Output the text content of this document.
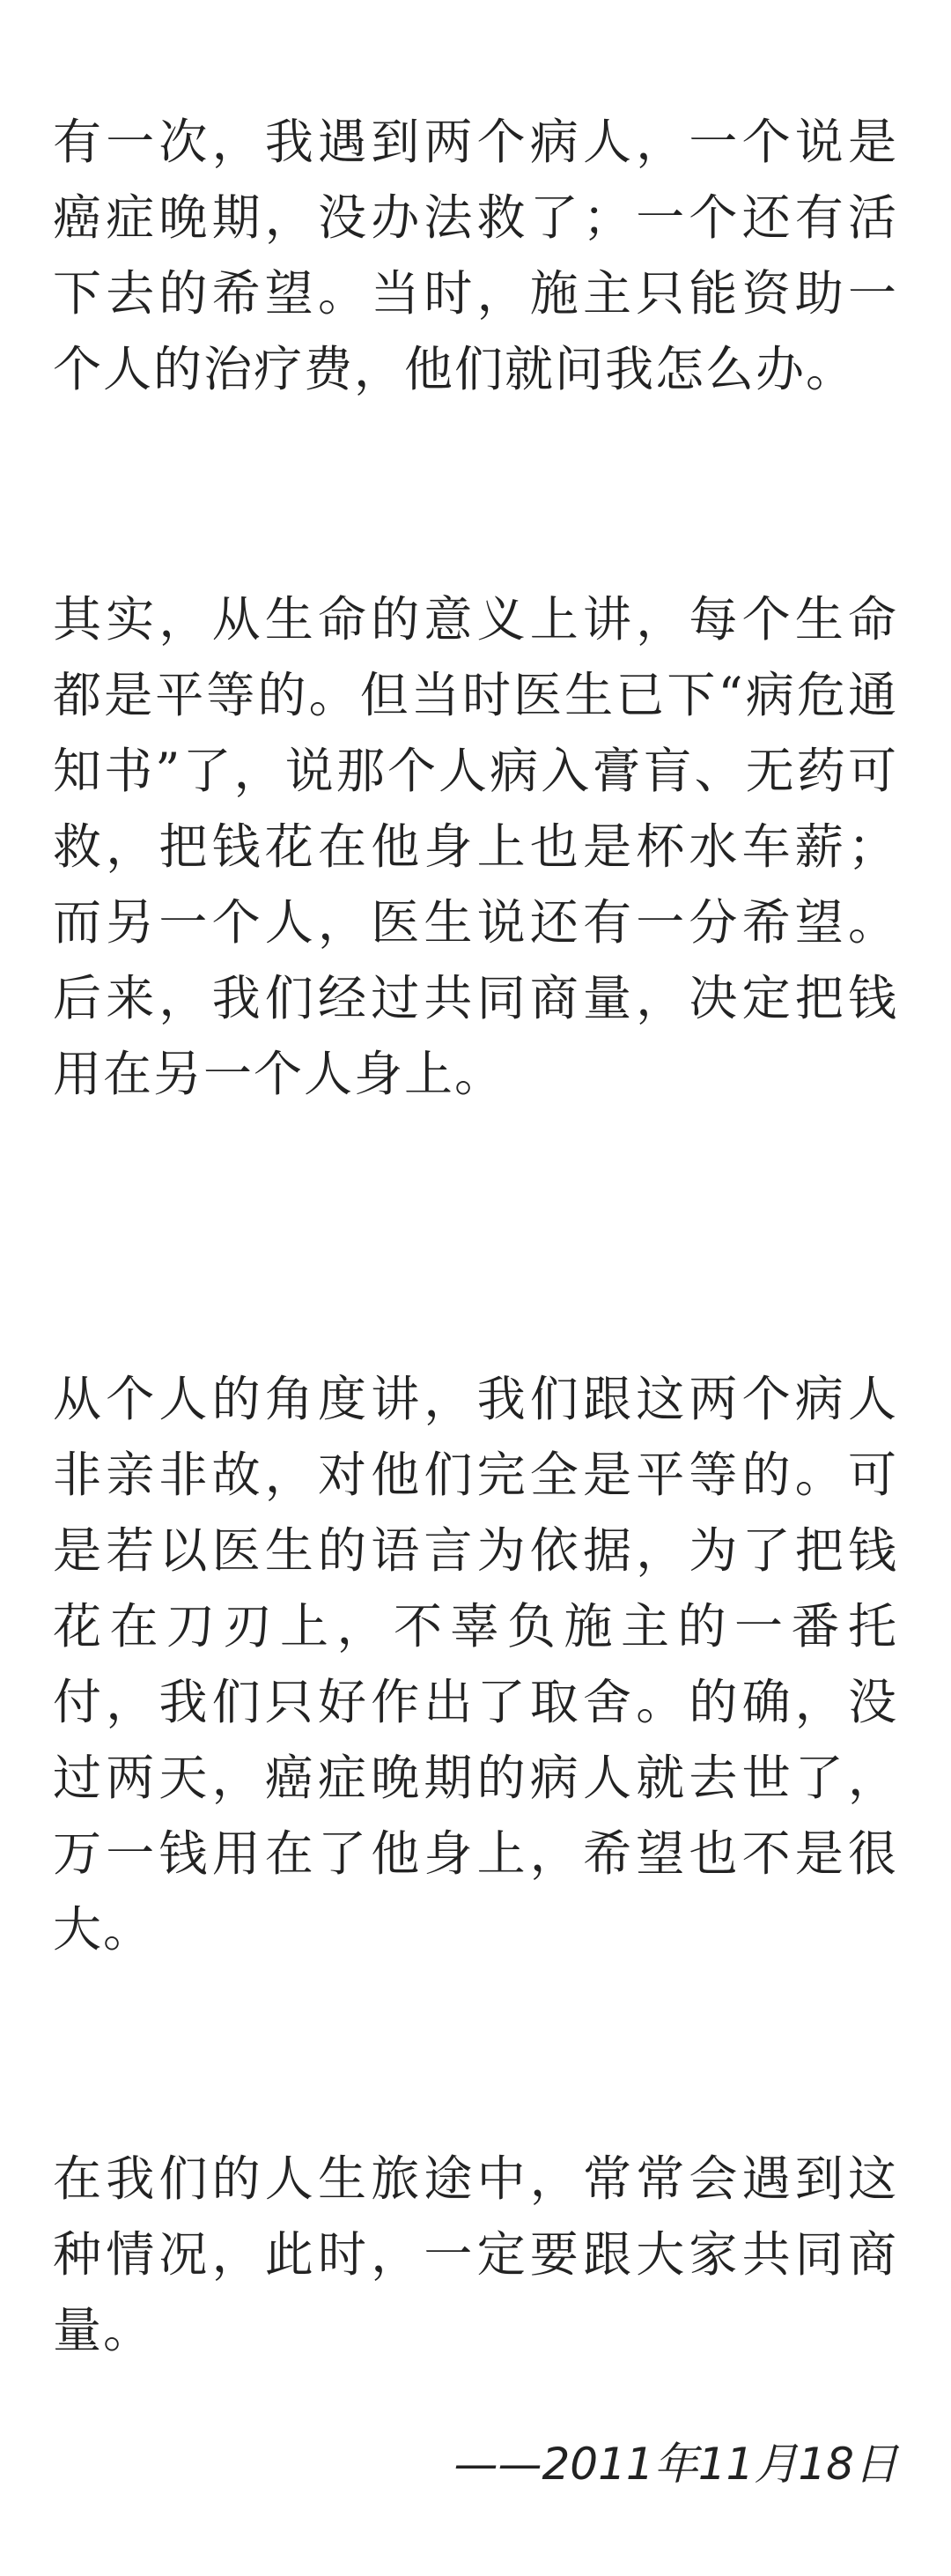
有一次，我遇到两个病人，一个说是癌症晚期，没办法救了；一个还有活下去的希望。当时，施主只能资助一个人的治疗费，他们就问我怎么办。

其实，从生命的意义上讲，每个生命都是平等的。但当时医生已下“病危通知书”了，说那个人病入膏肓、无药可救，把钱花在他身上也是杯水车薪；而另一个人，医生说还有一分希望。后来，我们经过共同商量，决定把钱用在另一个人身上。

从个人的角度讲，我们跟这两个病人非亲非故，对他们完全是平等的。可是若以医生的语言为依据，为了把钱花在刀刃上，不辜负施主的一番托付，我们只好作出了取舍。的确，没过两天，癌症晚期的病人就去世了，万一钱用在了他身上，希望也不是很大。

在我们的人生旅途中，常常会遇到这种情况，此时，一定要跟大家共同商量。

——2011年11月18日
